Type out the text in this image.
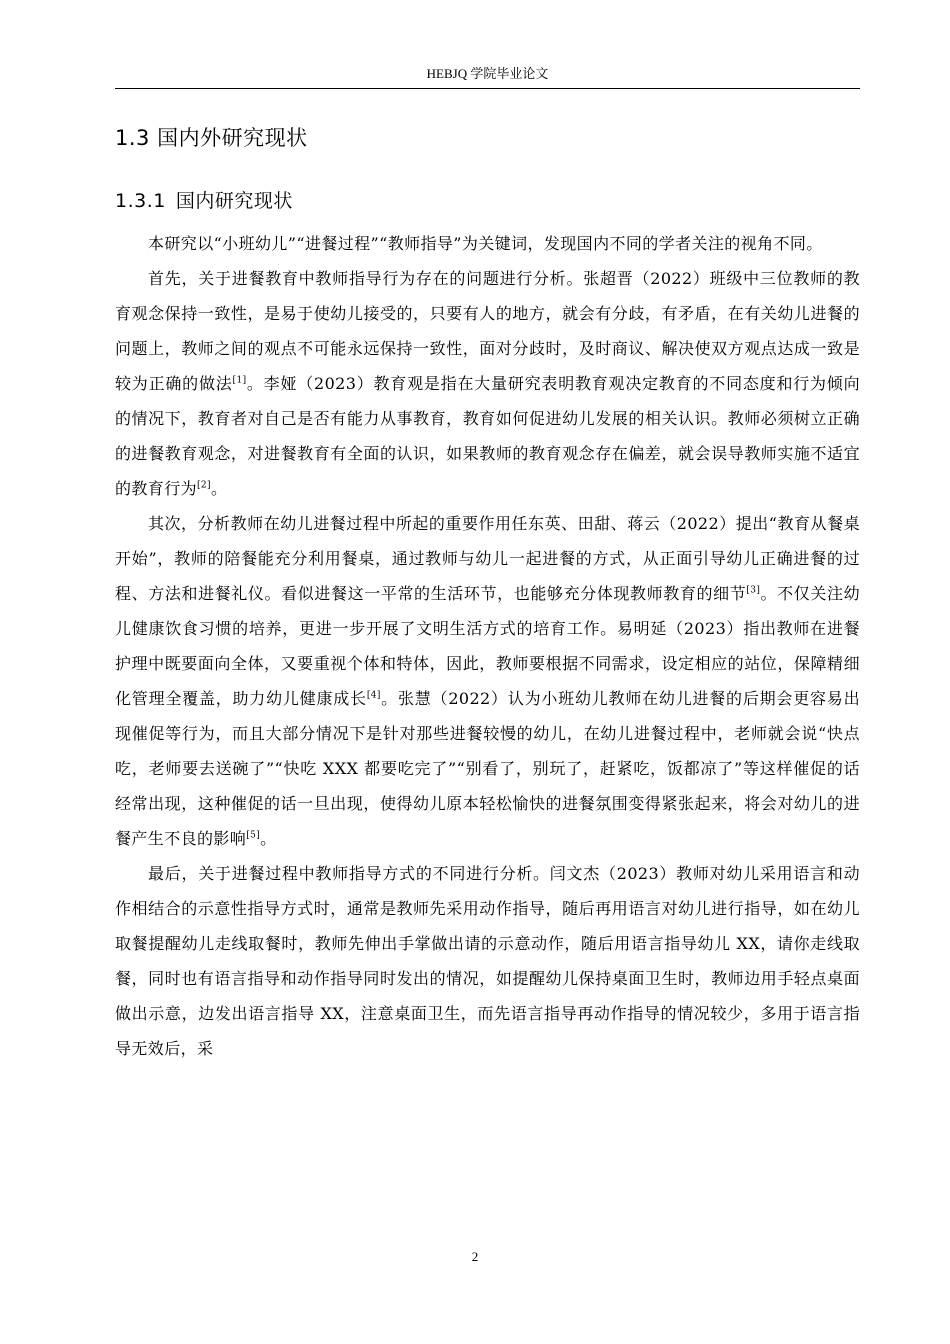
HEBJQ 学院毕业论文
1.3 国内外研究现状
1.3.1 国内研究现状

本研究以“小班幼儿”“进餐过程”“教师指导”为关键词，发现国内不同的学者关注的视角不同。

首先，关于进餐教育中教师指导行为存在的问题进行分析。张超晋（2022）班级中三位教师的教育观念保持一致性，是易于使幼儿接受的，只要有人的地方，就会有分歧，有矛盾，在有关幼儿进餐的问题上，教师之间的观点不可能永远保持一致性，面对分歧时，及时商议、解决使双方观点达成一致是较为正确的做法[1]。李娅（2023）教育观是指在大量研究表明教育观决定教育的不同态度和行为倾向的情况下，教育者对自己是否有能力从事教育，教育如何促进幼儿发展的相关认识。教师必须树立正确的进餐教育观念，对进餐教育有全面的认识，如果教师的教育观念存在偏差，就会误导教师实施不适宜的教育行为[2]。

其次，分析教师在幼儿进餐过程中所起的重要作用任东英、田甜、蒋云（2022）提出“教育从餐桌开始”，教师的陪餐能充分利用餐桌，通过教师与幼儿一起进餐的方式，从正面引导幼儿正确进餐的过程、方法和进餐礼仪。看似进餐这一平常的生活环节，也能够充分体现教师教育的细节[3]。不仅关注幼儿健康饮食习惯的培养，更进一步开展了文明生活方式的培育工作。易明延（2023）指出教师在进餐护理中既要面向全体，又要重视个体和特体，因此，教师要根据不同需求，设定相应的站位，保障精细化管理全覆盖，助力幼儿健康成长[4]。张慧（2022）认为小班幼儿教师在幼儿进餐的后期会更容易出现催促等行为，而且大部分情况下是针对那些进餐较慢的幼儿，在幼儿进餐过程中，老师就会说“快点吃，老师要去送碗了”“快吃 XXX 都要吃完了”“别看了，别玩了，赶紧吃，饭都凉了”等这样催促的话经常出现，这种催促的话一旦出现，使得幼儿原本轻松愉快的进餐氛围变得紧张起来，将会对幼儿的进餐产生不良的影响[5]。

最后，关于进餐过程中教师指导方式的不同进行分析。闫文杰（2023）教师对幼儿采用语言和动作相结合的示意性指导方式时，通常是教师先采用动作指导，随后再用语言对幼儿进行指导，如在幼儿取餐提醒幼儿走线取餐时，教师先伸出手掌做出请的示意动作，随后用语言指导幼儿 XX，请你走线取餐，同时也有语言指导和动作指导同时发出的情况，如提醒幼儿保持桌面卫生时，教师边用手轻点桌面做出示意，边发出语言指导 XX，注意桌面卫生，而先语言指导再动作指导的情况较少，多用于语言指导无效后，采

2
